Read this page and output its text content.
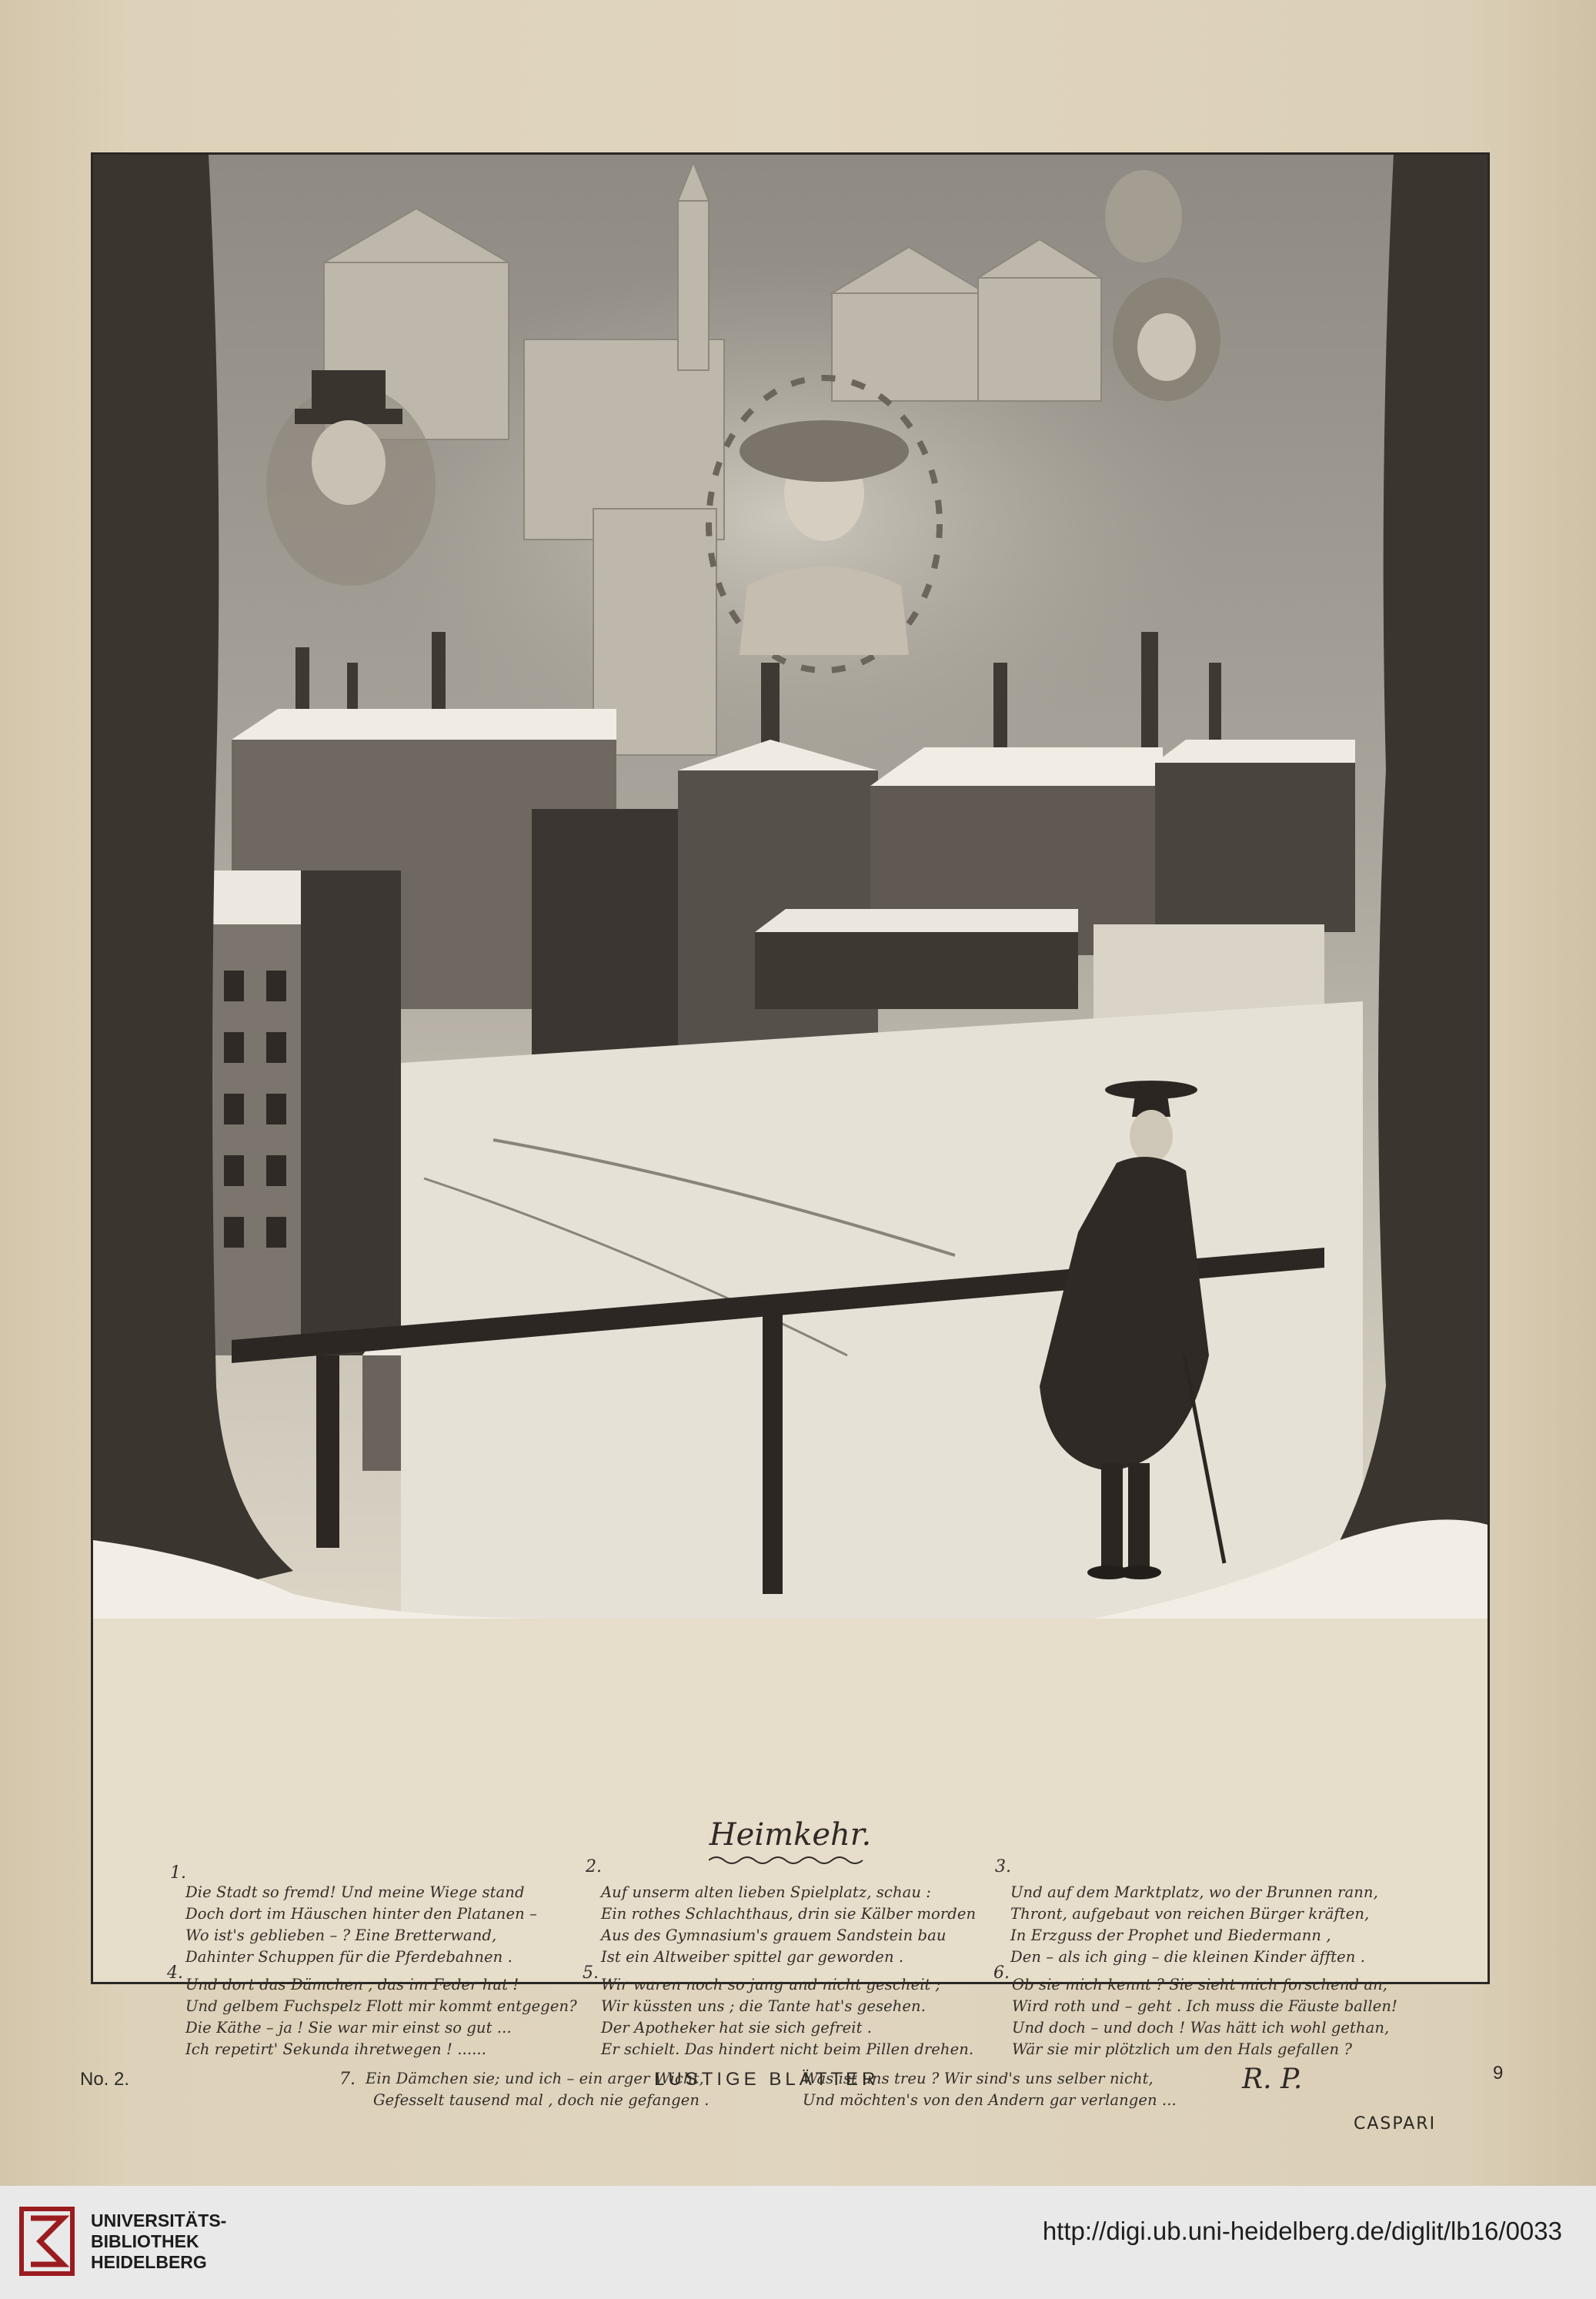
Heimkehr.
1.
Die Stadt so fremd! Und meine Wiege stand
Doch dort im Häuschen hinter den Platanen –
Wo ist's geblieben – ? Eine Bretterwand,
Dahinter Schuppen für die Pferdebahnen .
2.
Auf unserm alten lieben Spielplatz, schau :
Ein rothes Schlachthaus, drin sie Kälber morden
Aus des Gymnasium's grauem Sandstein bau
Ist ein Altweiber spittel gar geworden .
3.
Und auf dem Marktplatz, wo der Brunnen rann,
Thront, aufgebaut von reichen Bürger kräften,
In Erzguss der Prophet und Biedermann ,
Den – als ich ging – die kleinen Kinder äfften .
4.
Und dort das Dämchen , das im Feder hut !
Und gelbem Fuchspelz Flott mir kommt entgegen?
Die Käthe – ja ! Sie war mir einst so gut ...
Ich repetirt' Sekunda ihretwegen ! ......
5.
Wir waren noch so jung und nicht gescheit ;
Wir küssten uns ; die Tante hat's gesehen.
Der Apotheker hat sie sich gefreit .
Er schielt. Das hindert nicht beim Pillen drehen.
6.
Ob sie mich kennt ? Sie sieht mich forschend an,
Wird roth und – geht . Ich muss die Fäuste ballen!
Und doch – und doch ! Was hätt ich wohl gethan,
Wär sie mir plötzlich um den Hals gefallen ?
7. Ein Dämchen sie; und ich – ein arger Wicht,
Gefesselt tausend mal , doch nie gefangen .
Was ist uns treu ? Wir sind's uns selber nicht,
Und möchten's von den Andern gar verlangen ...
R. P.
CASPARI
No. 2.	LUSTIGE BLÄTTER	9
UNIVERSITÄTS-
BIBLIOTHEK
HEIDELBERG
http://digi.ub.uni-heidelberg.de/diglit/lb16/0033
